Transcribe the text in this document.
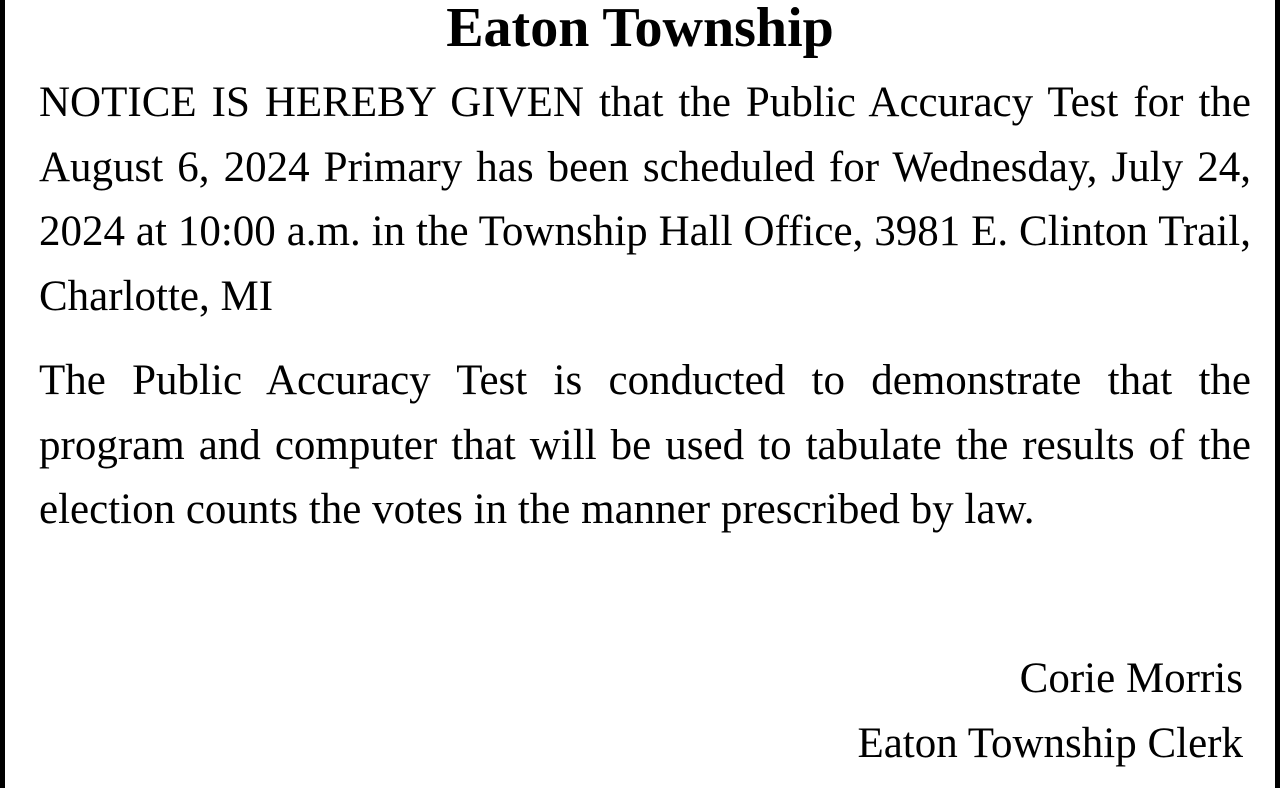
Eaton Township

NOTICE IS HEREBY GIVEN that the Public Accuracy Test for the August 6, 2024 Primary has been scheduled for Wednesday, July 24, 2024 at 10:00 a.m. in the Township Hall Office, 3981 E. Clinton Trail, Charlotte, MI

The Public Accuracy Test is conducted to demonstrate that the program and computer that will be used to tabulate the results of the election counts the votes in the manner prescribed by law.

Corie Morris

Eaton Township Clerk
